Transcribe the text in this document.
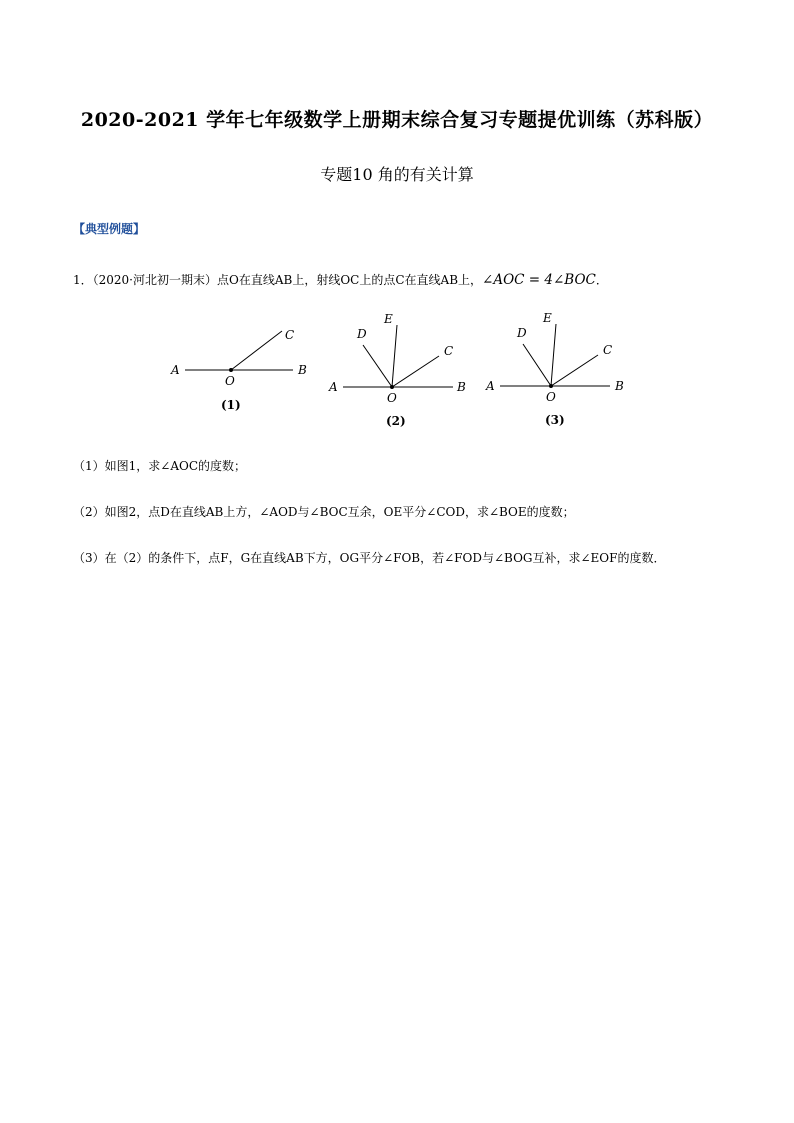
2020-2021 学年七年级数学上册期末综合复习专题提优训练（苏科版）
专题10 角的有关计算
【典型例题】
1．（2020·河北初一期末）点O在直线AB上，射线OC上的点C在直线AB上，∠AOC = 4∠BOC．
A
O
B
C
(1)
A
O
B
C
D
E
(2)
A
O
B
C
D
E
(3)
（1）如图1，求∠AOC的度数；
（2）如图2，点D在直线AB上方，∠AOD与∠BOC互余，OE平分∠COD，求∠BOE的度数；
（3）在（2）的条件下，点F，G在直线AB下方，OG平分∠FOB，若∠FOD与∠BOG互补，求∠EOF的度数．
